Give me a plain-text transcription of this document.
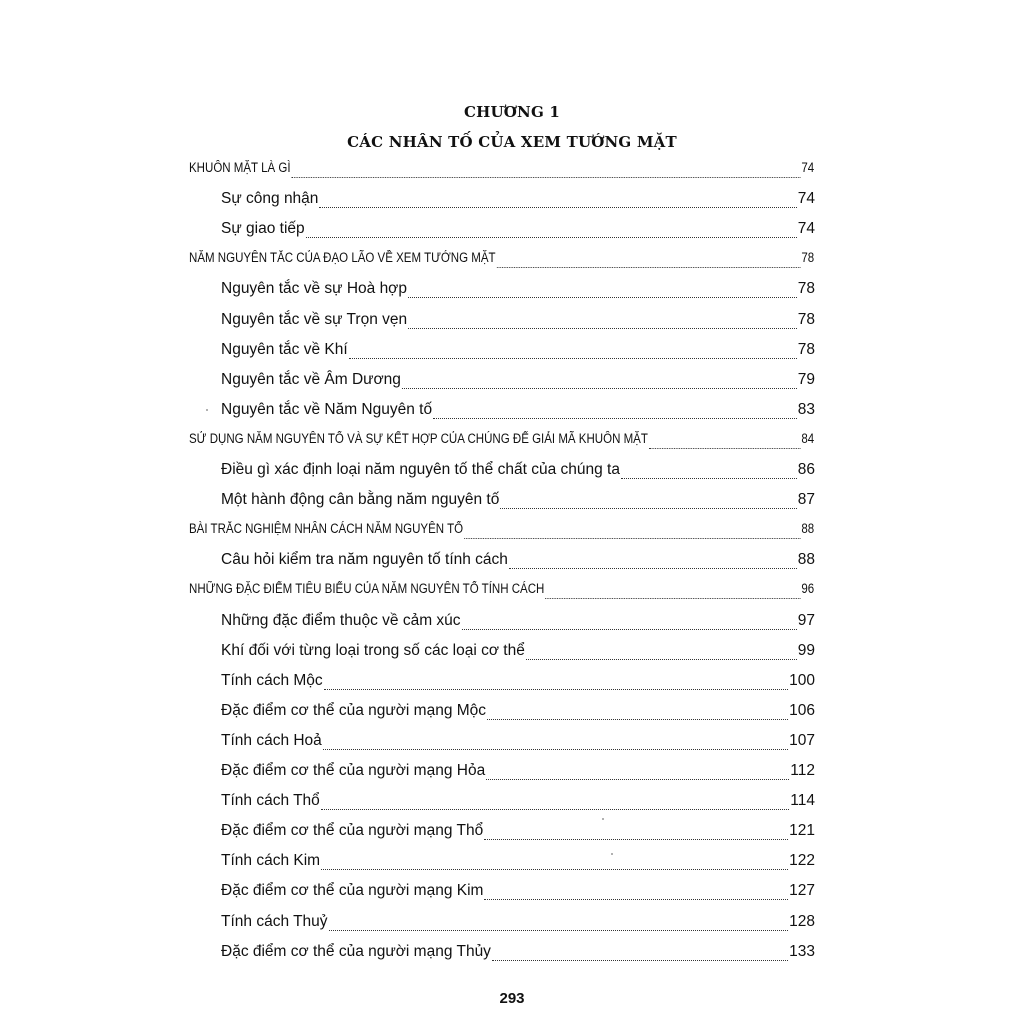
CHƯƠNG 1
CÁC NHÂN TỐ CỦA XEM TƯỚNG MẶT
KHUÔN MẶT LÀ GÌ	74
Sự công nhận	74
Sự giao tiếp	74
NĂM NGUYÊN TẮC CỦA ĐẠO LÃO VỀ XEM TƯỚNG MẶT	78
Nguyên tắc về sự Hoà hợp	78
Nguyên tắc về sự Trọn vẹn	78
Nguyên tắc về Khí	78
Nguyên tắc về Âm Dương	79
Nguyên tắc về Năm Nguyên tố	83
SỬ DỤNG NĂM NGUYÊN TỐ VÀ SỰ KẾT HỢP CỦA CHÚNG ĐỂ GIẢI MÃ KHUÔN MẶT	84
Điều gì xác định loại năm nguyên tố thể chất của chúng ta	86
Một hành động cân bằng năm nguyên tố	87
BÀI TRẮC NGHIỆM NHÂN CÁCH NĂM NGUYÊN TỐ	88
Câu hỏi kiểm tra năm nguyên tố tính cách	88
NHỮNG ĐẶC ĐIỂM TIÊU BIỂU CỦA NĂM NGUYÊN TỐ TÍNH CÁCH	96
Những đặc điểm thuộc về cảm xúc	97
Khí đối với từng loại trong số các loại cơ thể	99
Tính cách Mộc	100
Đặc điểm cơ thể của người mạng Mộc	106
Tính cách Hoả	107
Đặc điểm cơ thể của người mạng Hỏa	112
Tính cách Thổ	114
Đặc điểm cơ thể của người mạng Thổ	121
Tính cách Kim	122
Đặc điểm cơ thể của người mạng Kim	127
Tính cách Thuỷ	128
Đặc điểm cơ thể của người mạng Thủy	133
293
